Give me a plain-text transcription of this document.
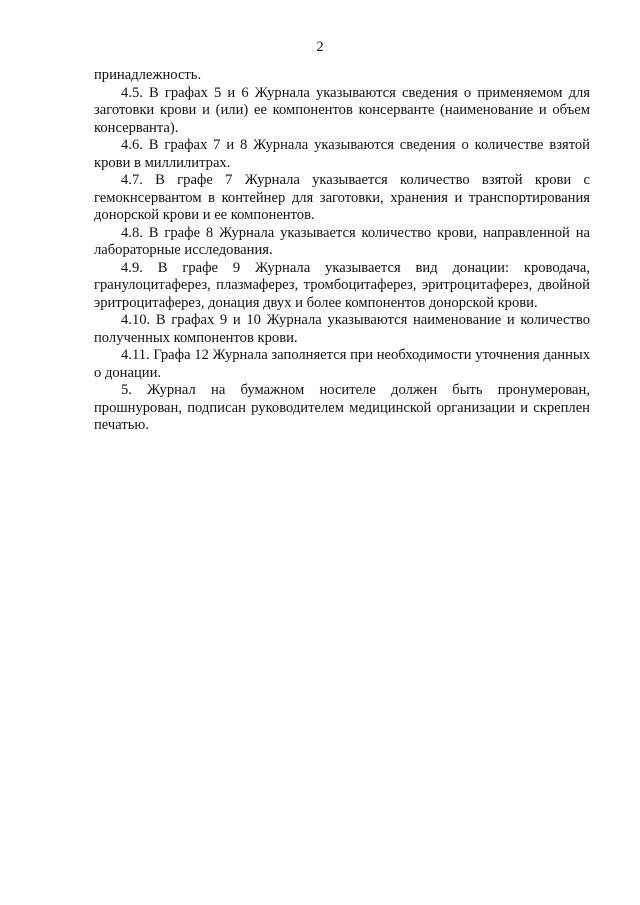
2

принадлежность.

4.5. В графах 5 и 6 Журнала указываются сведения о применяемом для заготовки крови и (или) ее компонентов консерванте (наименование и объем консерванта).

4.6. В графах 7 и 8 Журнала указываются сведения о количестве взятой крови в миллилитрах.

4.7. В графе 7 Журнала указывается количество взятой крови с гемокнсервантом в контейнер для заготовки, хранения и транспортирования донорской крови и ее компонентов.

4.8. В графе 8 Журнала указывается количество крови, направленной на лабораторные исследования.

4.9. В графе 9 Журнала указывается вид донации: кроводача, гранулоцитаферез, плазмаферез, тромбоцитаферез, эритроцитаферез, двойной эритроцитаферез, донация двух и более компонентов донорской крови.

4.10. В графах 9 и 10 Журнала указываются наименование и количество полученных компонентов крови.

4.11. Графа 12 Журнала заполняется при необходимости уточнения данных о донации.

5. Журнал на бумажном носителе должен быть пронумерован, прошнурован, подписан руководителем медицинской организации и скреплен печатью.
